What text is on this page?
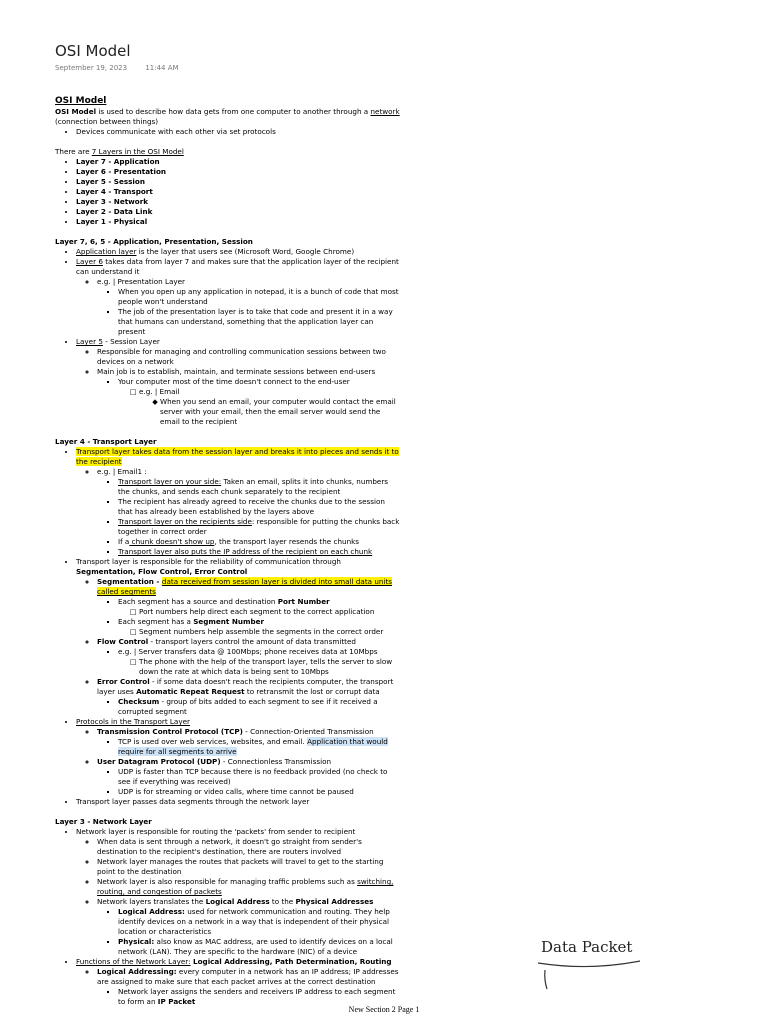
OSI Model
September 19, 2023	11:44 AM

OSI Model

OSI Model is used to describe how data gets from one computer to another through a network (connection between things)

• Devices communicate with each other via set protocols

There are 7 Layers in the OSI Model

• Layer 7 - Application
• Layer 6 - Presentation
• Layer 5 - Session
• Layer 4 - Transport
• Layer 3 - Network
• Layer 2 - Data Link
• Layer 1 - Physical

Layer 7, 6, 5 - Application, Presentation, Session

• Application layer is the layer that users see (Microsoft Word, Google Chrome)
• Layer 6 takes data from layer 7 and makes sure that the application layer of the recipient can understand it
◦ e.g. | Presentation Layer
▪ When you open up any application in notepad, it is a bunch of code that most people won't understand
▪ The job of the presentation layer is to take that code and present it in a way that humans can understand, something that the application layer can present
• Layer 5 - Session Layer
◦ Responsible for managing and controlling communication sessions between two devices on a network
◦ Main job is to establish, maintain, and terminate sessions between end-users
▪ Your computer most of the time doesn't connect to the end-user
□ e.g. | Email
◆ When you send an email, your computer would contact the email server with your email, then the email server would send the email to the recipient

Layer 4 - Transport Layer

• Transport layer takes data from the session layer and breaks it into pieces and sends it to the recipient
◦ e.g. | Email1 :
▪ Transport layer on your side: Taken an email, splits it into chunks, numbers the chunks, and sends each chunk separately to the recipient
▪ The recipient has already agreed to receive the chunks due to the session that has already been established by the layers above
▪ Transport layer on the recipients side: responsible for putting the chunks back together in correct order
▪ If a chunk doesn't show up, the transport layer resends the chunks
▪ Transport layer also puts the IP address of the recipient on each chunk
• Transport layer is responsible for the reliability of communication through Segmentation, Flow Control, Error Control
◦ Segmentation - data received from session layer is divided into small data units called segments
▪ Each segment has a source and destination Port Number
□ Port numbers help direct each segment to the correct application
▪ Each segment has a Segment Number
□ Segment numbers help assemble the segments in the correct order
◦ Flow Control - transport layers control the amount of data transmitted
▪ e.g. | Server transfers data @ 100Mbps; phone receives data at 10Mbps
□ The phone with the help of the transport layer, tells the server to slow down the rate at which data is being sent to 10Mbps
◦ Error Control - if some data doesn't reach the recipients computer, the transport layer uses Automatic Repeat Request to retransmit the lost or corrupt data
▪ Checksum - group of bits added to each segment to see if it received a corrupted segment
• Protocols in the Transport Layer
◦ Transmission Control Protocol (TCP) - Connection-Oriented Transmission
▪ TCP is used over web services, websites, and email. Application that would require for all segments to arrive
◦ User Datagram Protocol (UDP) - Connectionless Transmission
▪ UDP is faster than TCP because there is no feedback provided (no check to see if everything was received)
▪ UDP is for streaming or video calls, where time cannot be paused
• Transport layer passes data segments through the network layer

Layer 3 - Network Layer

• Network layer is responsible for routing the 'packets' from sender to recipient
◦ When data is sent through a network, it doesn't go straight from sender's destination to the recipient's destination, there are routers involved
◦ Network layer manages the routes that packets will travel to get to the starting point to the destination
◦ Network layer is also responsible for managing traffic problems such as switching, routing, and congestion of packets
◦ Network layers translates the Logical Address to the Physical Addresses
▪ Logical Address: used for network communication and routing. They help identify devices on a network in a way that is independent of their physical location or characteristics
▪ Physical: also know as MAC address, are used to identify devices on a local network (LAN). They are specific to the hardware (NIC) of a device
• Functions of the Network Layer: Logical Addressing, Path Determination, Routing
◦ Logical Addressing: every computer in a network has an IP address; IP addresses are assigned to make sure that each packet arrives at the correct destination
▪ Network layer assigns the senders and receivers IP address to each segment to form an IP Packet
Data Packet
New Section 2 Page 1
